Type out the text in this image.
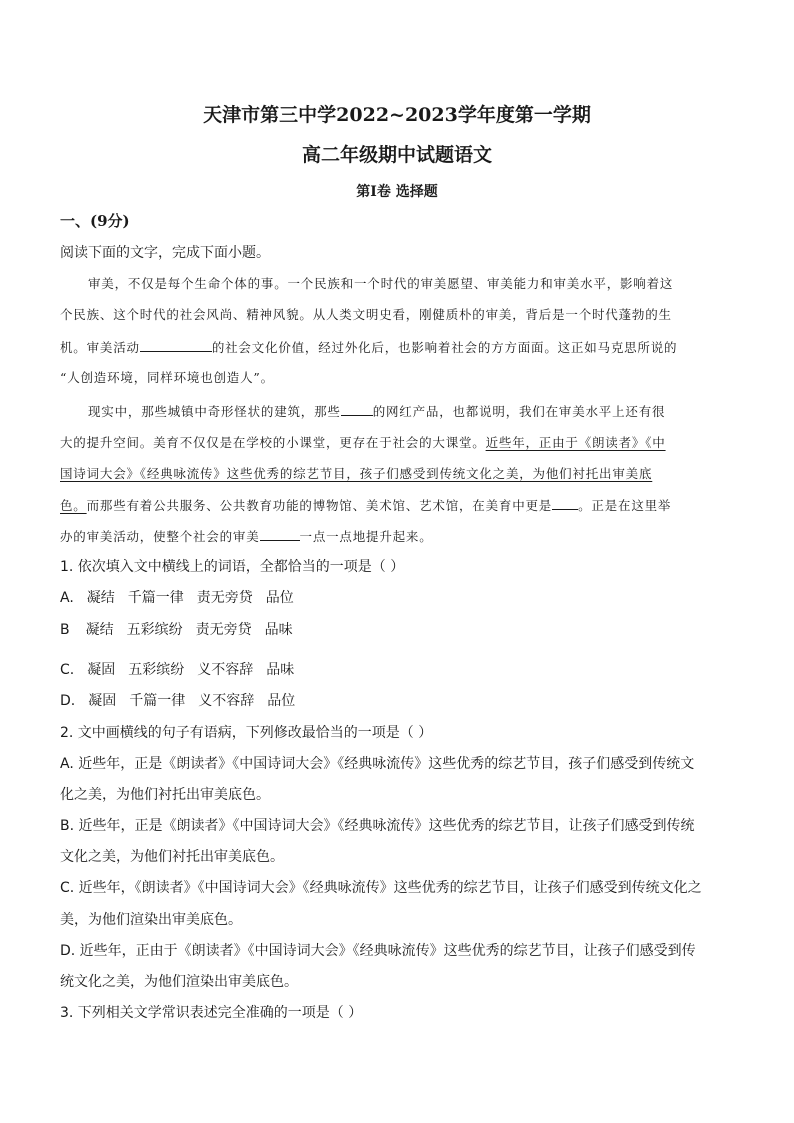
天津市第三中学2022~2023学年度第一学期
高二年级期中试题语文
第I卷 选择题
一、(9分)
阅读下面的文字，完成下面小题。
审美，不仅是每个生命个体的事。一个民族和一个时代的审美愿望、审美能力和审美水平，影响着这
个民族、这个时代的社会风尚、精神风貌。从人类文明史看，刚健质朴的审美，背后是一个时代蓬勃的生
机。审美活动	的社会文化价值，经过外化后，也影响着社会的方方面面。这正如马克思所说的
“人创造环境，同样环境也创造人”。
现实中，那些城镇中奇形怪状的建筑，那些	的网红产品，也都说明，我们在审美水平上还有很
大的提升空间。美育不仅仅是在学校的小课堂，更存在于社会的大课堂。近些年，正由于《朗读者》《中
国诗词大会》《经典咏流传》这些优秀的综艺节目，孩子们感受到传统文化之美，为他们衬托出审美底
色。而那些有着公共服务、公共教育功能的博物馆、美术馆、艺术馆，在美育中更是 。正是在这里举
办的审美活动，使整个社会的审美	一点一点地提升起来。
1. 依次填入文中横线上的词语，全都恰当的一项是（ ）
A. 凝结 千篇一律 责无旁贷 品位
B 凝结 五彩缤纷 责无旁贷 品味
C. 凝固 五彩缤纷 义不容辞 品味
D. 凝固 千篇一律 义不容辞 品位
2. 文中画横线的句子有语病，下列修改最恰当的一项是（ ）
A. 近些年，正是《朗读者》《中国诗词大会》《经典咏流传》这些优秀的综艺节目，孩子们感受到传统文
化之美，为他们衬托出审美底色。
B. 近些年，正是《朗读者》《中国诗词大会》《经典咏流传》这些优秀的综艺节目，让孩子们感受到传统
文化之美，为他们衬托出审美底色。
C. 近些年，《朗读者》《中国诗词大会》《经典咏流传》这些优秀的综艺节目，让孩子们感受到传统文化之
美，为他们渲染出审美底色。
D. 近些年，正由于《朗读者》《中国诗词大会》《经典咏流传》这些优秀的综艺节目，让孩子们感受到传
统文化之美，为他们渲染出审美底色。
3. 下列相关文学常识表述完全准确的一项是（ ）
